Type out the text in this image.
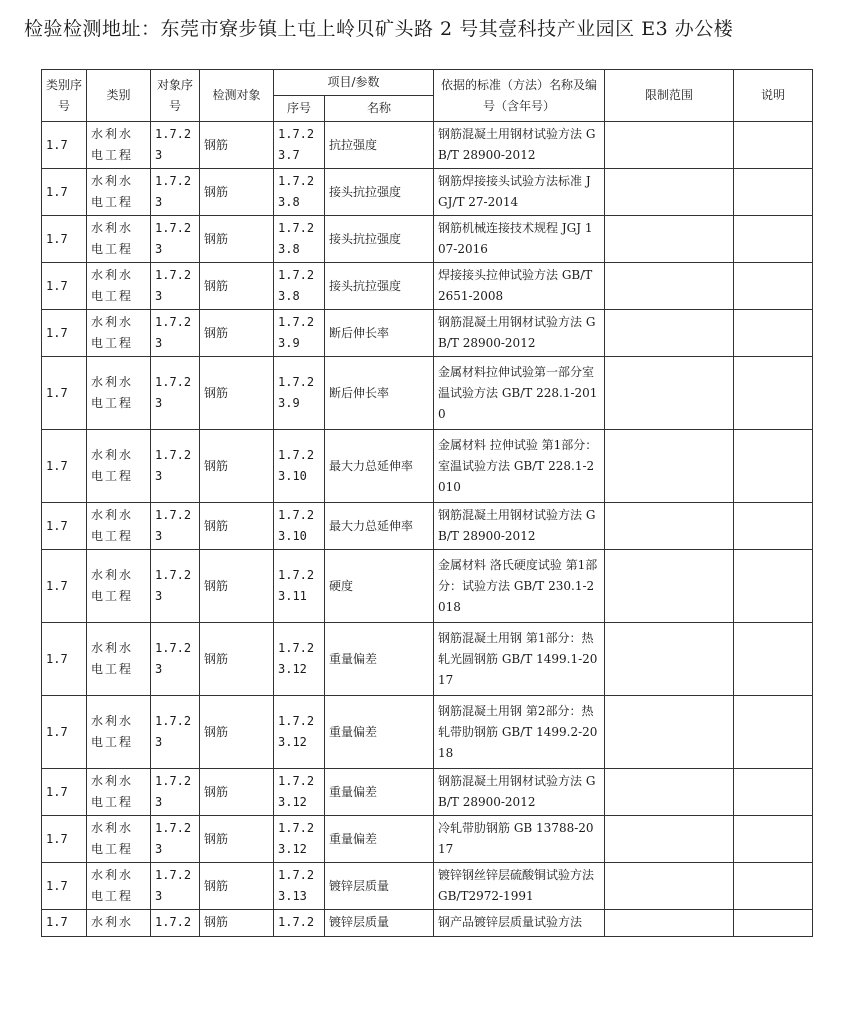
检验检测地址：东莞市寮步镇上屯上岭贝矿头路 2 号其壹科技产业园区 E3 办公楼
类别序号	类别	对象序号	检测对象	项目/参数		依据的标准（方法）名称及编号（含年号）	限制范围	说明
				序号	名称			
1.7	水利水电工程	1.7.2 3	钢筋	1.7.2 3.7	抗拉强度	钢筋混凝土用钢材试验方法 GB/T 28900-2012		
1.7	水利水电工程	1.7.2 3	钢筋	1.7.2 3.8	接头抗拉强度	钢筋焊接接头试验方法标准 JGJ/T 27-2014		
1.7	水利水电工程	1.7.2 3	钢筋	1.7.2 3.8	接头抗拉强度	钢筋机械连接技术规程 JGJ 107-2016		
1.7	水利水电工程	1.7.2 3	钢筋	1.7.2 3.8	接头抗拉强度	焊接接头拉伸试验方法 GB/T 2651-2008		
1.7	水利水电工程	1.7.2 3	钢筋	1.7.2 3.9	断后伸长率	钢筋混凝土用钢材试验方法 GB/T 28900-2012		
1.7	水利水电工程	1.7.2 3	钢筋	1.7.2 3.9	断后伸长率	金属材料拉伸试验第一部分室温试验方法 GB/T 228.1-2010		
1.7	水利水电工程	1.7.2 3	钢筋	1.7.2 3.10	最大力总延伸率	金属材料 拉伸试验 第1部分：室温试验方法 GB/T 228.1-2010		
1.7	水利水电工程	1.7.2 3	钢筋	1.7.2 3.10	最大力总延伸率	钢筋混凝土用钢材试验方法 GB/T 28900-2012		
1.7	水利水电工程	1.7.2 3	钢筋	1.7.2 3.11	硬度	金属材料 洛氏硬度试验 第1部分：试验方法 GB/T 230.1-2018		
1.7	水利水电工程	1.7.2 3	钢筋	1.7.2 3.12	重量偏差	钢筋混凝土用钢 第1部分：热轧光圆钢筋 GB/T 1499.1-2017		
1.7	水利水电工程	1.7.2 3	钢筋	1.7.2 3.12	重量偏差	钢筋混凝土用钢 第2部分：热轧带肋钢筋 GB/T 1499.2-2018		
1.7	水利水电工程	1.7.2 3	钢筋	1.7.2 3.12	重量偏差	钢筋混凝土用钢材试验方法 GB/T 28900-2012		
1.7	水利水电工程	1.7.2 3	钢筋	1.7.2 3.12	重量偏差	冷轧带肋钢筋 GB 13788-2017		
1.7	水利水电工程	1.7.2 3	钢筋	1.7.2 3.13	镀锌层质量	镀锌钢丝锌层硫酸铜试验方法 GB/T2972-1991		
1.7	水利水	1.7.2	钢筋	1.7.2	镀锌层质量	钢产品镀锌层质量试验方法		
